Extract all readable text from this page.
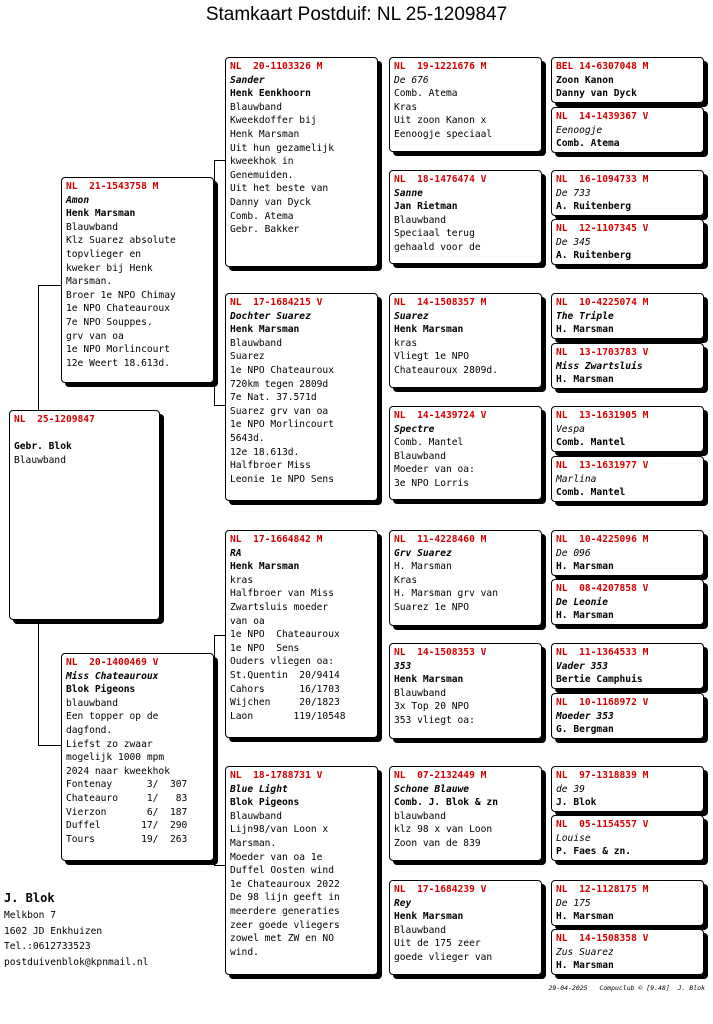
Stamkaart Postduif: NL 25-1209847
NL  25-1209847
Gebr. Blok
Blauwband
NL  21-1543758 M
Amon
Henk Marsman
Blauwband
Klz Suarez absolute
topvlieger en
kweker bij Henk
Marsman.
Broer 1e NPO Chimay
1e NPO Chateauroux
7e NPO Souppes.
grv van oa
1e NPO Morlincourt
12e Weert 18.613d.
NL  20-1400469 V
Miss Chateauroux
Blok Pigeons
blauwband
Een topper op de
dagfond.
Liefst zo zwaar
mogelijk 1000 mpm
2024 naar kweekhok
Fontenay      3/  307
Chateauro     1/   83
Vierzon       6/  187
Duffel       17/  290
Tours        19/  263
NL  20-1103326 M
Sander
Henk Eenkhoorn
Blauwband
Kweekdoffer bij
Henk Marsman
Uit hun gezamelijk
kweekhok in
Genemuiden.
Uit het beste van
Danny van Dyck
Comb. Atema
Gebr. Bakker
NL  17-1684215 V
Dochter Suarez
Henk Marsman
Blauwband
Suarez
1e NPO Chateauroux
720km tegen 2809d
7e Nat. 37.571d
Suarez grv van oa
1e NPO Morlincourt
5643d.
12e 18.613d.
Halfbroer Miss
Leonie 1e NPO Sens
NL  17-1664842 M
RA
Henk Marsman
kras
Halfbroer van Miss
Zwartsluis moeder
van oa
1e NPO  Chateauroux
1e NPO  Sens
Ouders vliegen oa:
St.Quentin  20/9414
Cahors      16/1703
Wijchen     20/1823
Laon       119/10548
NL  18-1788731 V
Blue Light
Blok Pigeons
Blauwband
Lijn98/van Loon x
Marsman.
Moeder van oa 1e
Duffel Oosten wind
1e Chateauroux 2022
De 98 lijn geeft in
meerdere generaties
zeer goede vliegers
zowel met ZW en NO
wind.
NL  19-1221676 M
De 676
Comb. Atema
Kras
Uit zoon Kanon x
Eenoogje speciaal
NL  18-1476474 V
Sanne
Jan Rietman
Blauwband
Speciaal terug
gehaald voor de
NL  14-1508357 M
Suarez
Henk Marsman
kras
Vliegt 1e NPO
Chateauroux 2809d.
NL  14-1439724 V
Spectre
Comb. Mantel
Blauwband
Moeder van oa:
3e NPO Lorris
NL  11-4228460 M
Grv Suarez
H. Marsman
Kras
H. Marsman grv van
Suarez 1e NPO
NL  14-1508353 V
353
Henk Marsman
Blauwband
3x Top 20 NPO
353 vliegt oa:
NL  07-2132449 M
Schone Blauwe
Comb. J. Blok & zn
blauwband
klz 98 x van Loon
Zoon van de 839
NL  17-1684239 V
Rey
Henk Marsman
Blauwband
Uit de 175 zeer
goede vlieger van
BEL 14-6307048 M
Zoon Kanon
Danny van Dyck
NL  14-1439367 V
Eenoogje
Comb. Atema
NL  16-1094733 M
De 733
A. Ruitenberg
NL  12-1107345 V
De 345
A. Ruitenberg
NL  10-4225074 M
The Triple
H. Marsman
NL  13-1703783 V
Miss Zwartsluis
H. Marsman
NL  13-1631905 M
Vespa
Comb. Mantel
NL  13-1631977 V
Marlina
Comb. Mantel
NL  10-4225096 M
De 096
H. Marsman
NL  08-4207858 V
De Leonie
H. Marsman
NL  11-1364533 M
Vader 353
Bertie Camphuis
NL  10-1168972 V
Moeder 353
G. Bergman
NL  97-1318839 M
de 39
J. Blok
NL  05-1154557 V
Louise
P. Faes & zn.
NL  12-1128175 M
De 175
H. Marsman
NL  14-1508358 V
Zus Suarez
H. Marsman
J. Blok
Melkbon 7
1602 JD Enkhuizen
Tel.:0612733523
postduivenblok@kpnmail.nl
29-04-2025   Compuclub © [9.48]  J. Blok
